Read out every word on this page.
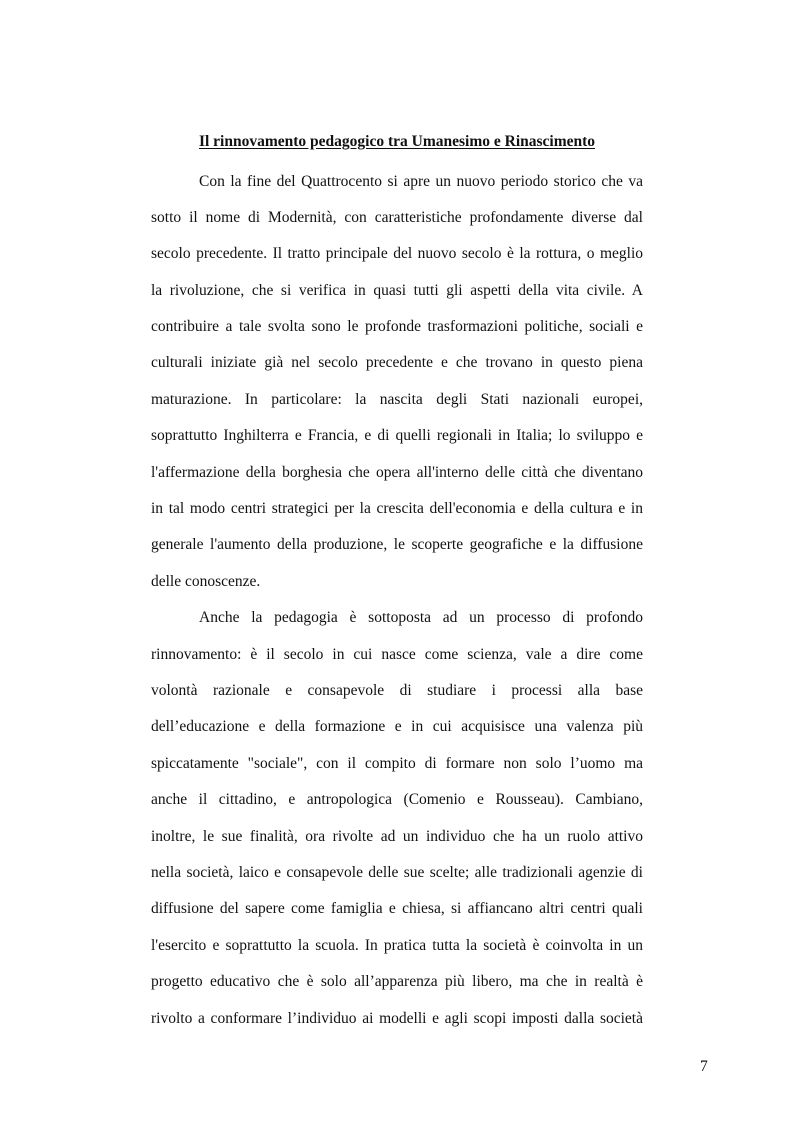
Il rinnovamento pedagogico tra Umanesimo e Rinascimento
Con la fine del Quattrocento si apre un nuovo periodo storico che va
sotto il nome di Modernità, con caratteristiche profondamente diverse dal
secolo precedente. Il tratto principale del nuovo secolo è la rottura, o meglio
la rivoluzione, che si verifica in quasi tutti gli aspetti della vita civile. A
contribuire a tale svolta sono le profonde trasformazioni politiche, sociali e
culturali iniziate già nel secolo precedente e che trovano in questo piena
maturazione. In particolare: la nascita degli Stati nazionali europei,
soprattutto Inghilterra e Francia, e di quelli regionali in Italia; lo sviluppo e
l'affermazione della borghesia che opera all'interno delle città che diventano
in tal modo centri strategici per la crescita dell'economia e della cultura e in
generale l'aumento della produzione, le scoperte geografiche e la diffusione
delle conoscenze.
Anche la pedagogia è sottoposta ad un processo di profondo
rinnovamento: è il secolo in cui nasce come scienza, vale a dire come
volontà razionale e consapevole di studiare i processi alla base
dell’educazione e della formazione e in cui acquisisce una valenza più
spiccatamente "sociale", con il compito di formare non solo l’uomo ma
anche il cittadino, e antropologica (Comenio e Rousseau). Cambiano,
inoltre, le sue finalità, ora rivolte ad un individuo che ha un ruolo attivo
nella società, laico e consapevole delle sue scelte; alle tradizionali agenzie di
diffusione del sapere come famiglia e chiesa, si affiancano altri centri quali
l'esercito e soprattutto la scuola. In pratica tutta la società è coinvolta in un
progetto educativo che è solo all’apparenza più libero, ma che in realtà è
rivolto a conformare l’individuo ai modelli e agli scopi imposti dalla società
7
